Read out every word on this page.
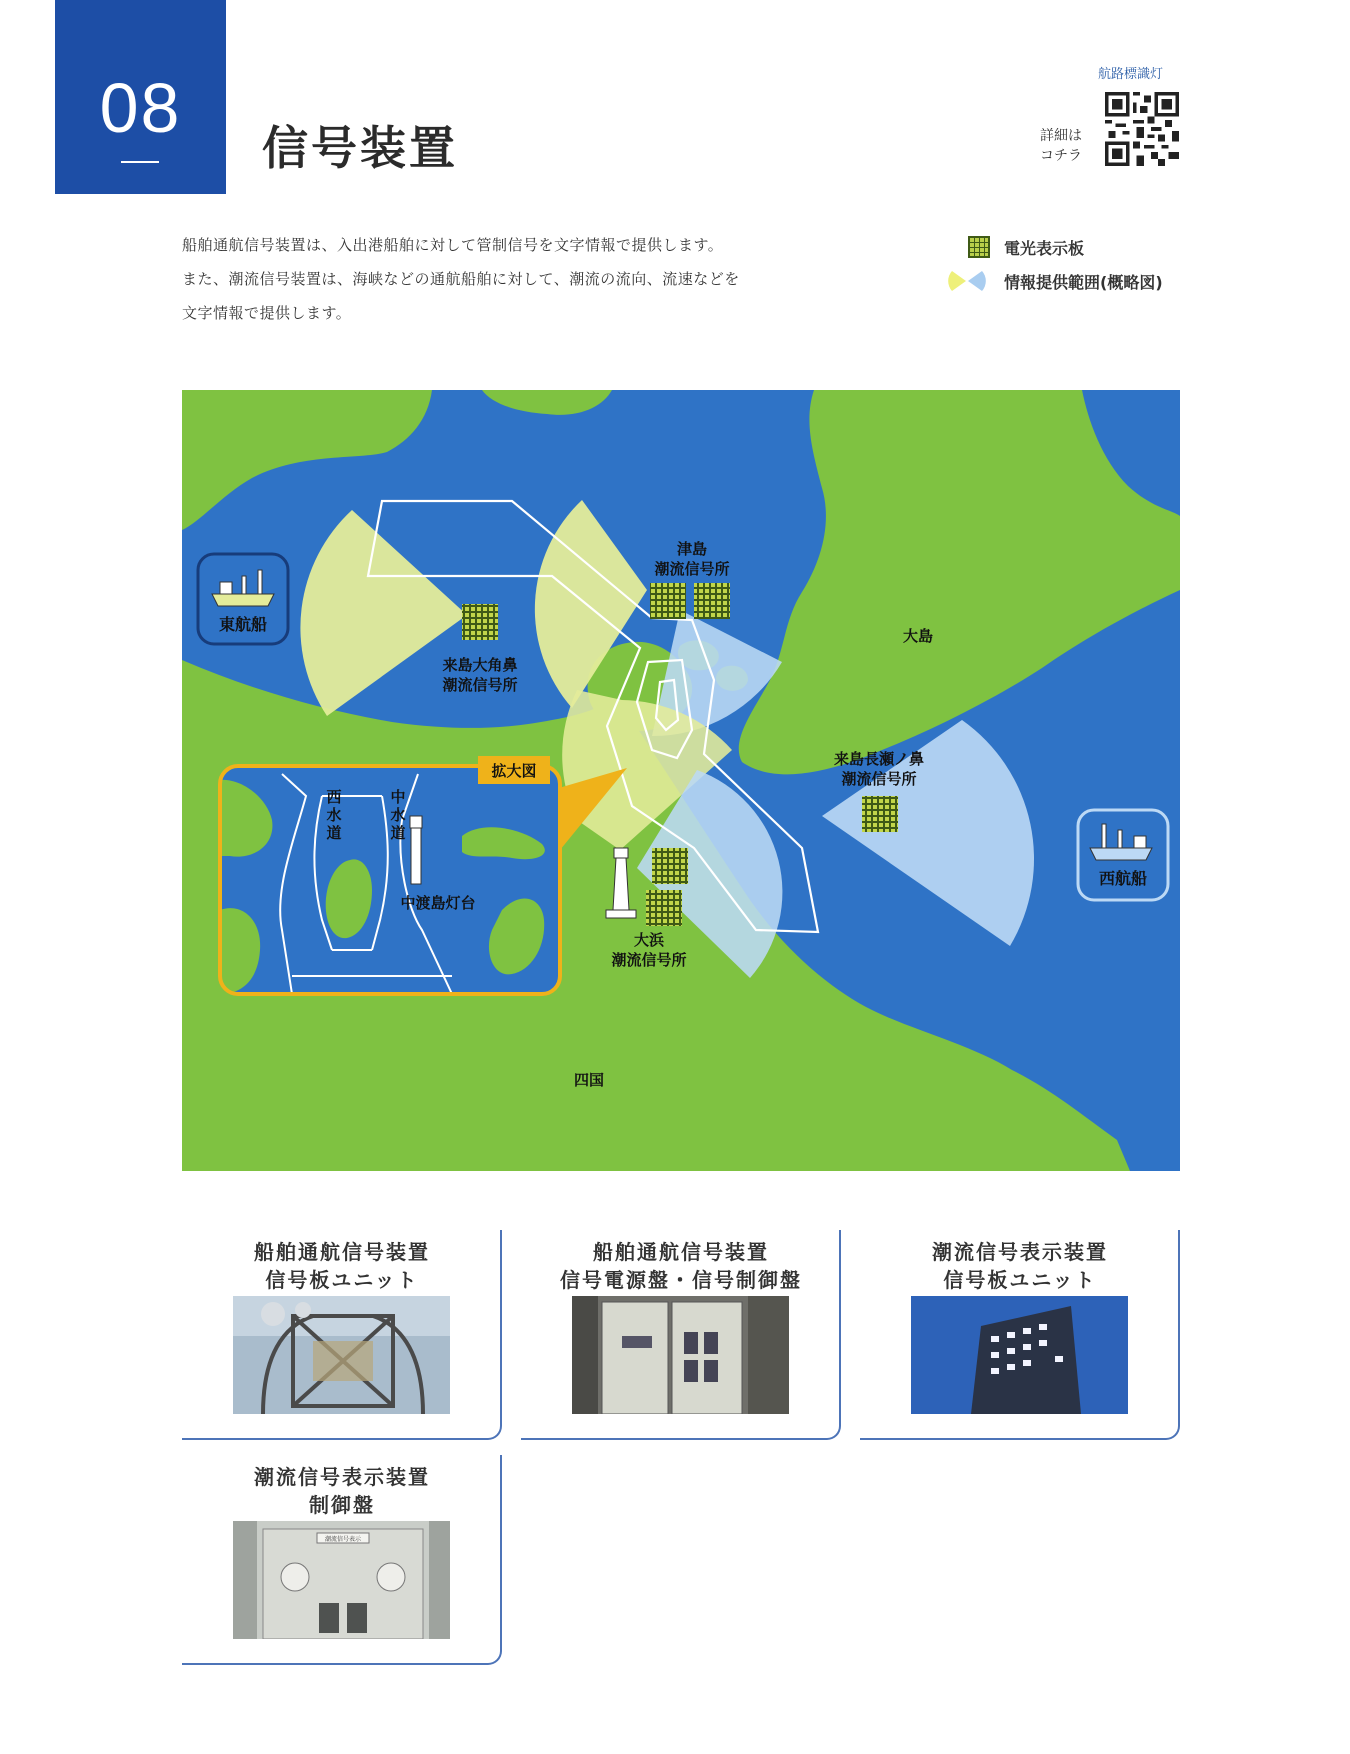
08
信号装置
航路標識灯
詳細は
コチラ

船舶通航信号装置は、入出港船舶に対して管制信号を文字情報で提供します。

また、潮流信号装置は、海峡などの通航船舶に対して、潮流の流向、流速などを

文字情報で提供します。

電光表示板
情報提供範囲(概略図)
東航船
西航船
津島
潮流信号所
来島大角鼻
潮流信号所
大島
来島長瀬ノ鼻
潮流信号所
大浜
潮流信号所
四国
拡大図
西
水
道
中
水
道
中渡島灯台
船舶通航信号装置
信号板ユニット
船舶通航信号装置
信号電源盤・信号制御盤
潮流信号表示装置
信号板ユニット
潮流信号表示装置
制御盤
潮流信号表示
